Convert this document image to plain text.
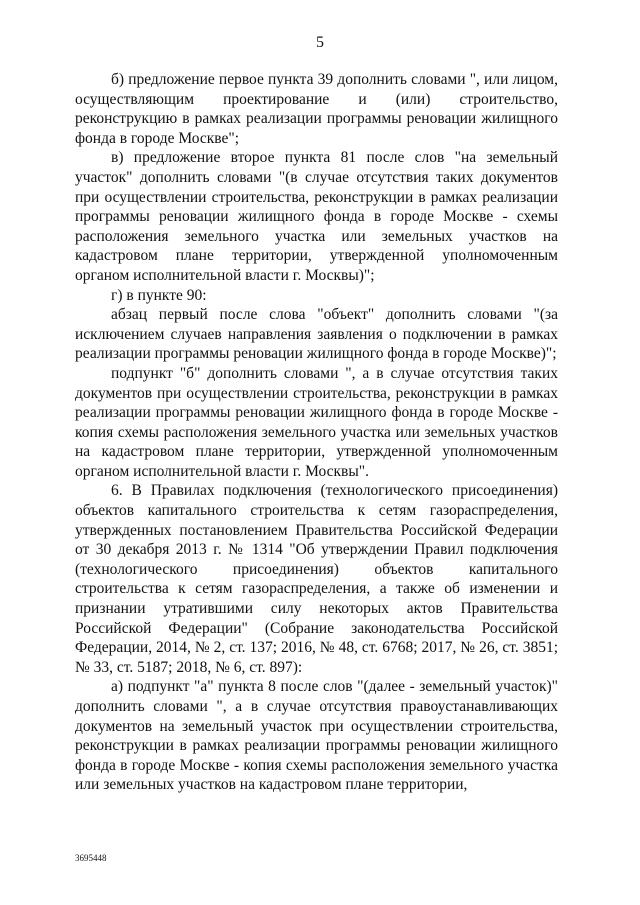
5

б) предложение первое пункта 39 дополнить словами ", или лицом, осуществляющим проектирование и (или) строительство, реконструкцию в рамках реализации программы реновации жилищного фонда в городе Москве";

в) предложение второе пункта 81 после слов "на земельный участок" дополнить словами "(в случае отсутствия таких документов при осуществлении строительства, реконструкции в рамках реализации программы реновации жилищного фонда в городе Москве - схемы расположения земельного участка или земельных участков на кадастровом плане территории, утвержденной уполномоченным органом исполнительной власти г. Москвы)";

г) в пункте 90:

абзац первый после слова "объект" дополнить словами "(за исключением случаев направления заявления о подключении в рамках реализации программы реновации жилищного фонда в городе Москве)";

подпункт "б" дополнить словами ", а в случае отсутствия таких документов при осуществлении строительства, реконструкции в рамках реализации программы реновации жилищного фонда в городе Москве - копия схемы расположения земельного участка или земельных участков на кадастровом плане территории, утвержденной уполномоченным органом исполнительной власти г. Москвы".

6. В Правилах подключения (технологического присоединения) объектов капитального строительства к сетям газораспределения, утвержденных постановлением Правительства Российской Федерации от 30 декабря 2013 г. № 1314 "Об утверждении Правил подключения (технологического присоединения) объектов капитального строительства к сетям газораспределения, а также об изменении и признании утратившими силу некоторых актов Правительства Российской Федерации" (Собрание законодательства Российской Федерации, 2014, № 2, ст. 137; 2016, № 48, ст. 6768; 2017, № 26, ст. 3851; № 33, ст. 5187; 2018, № 6, ст. 897):

а) подпункт "а" пункта 8 после слов "(далее - земельный участок)" дополнить словами ", а в случае отсутствия правоустанавливающих документов на земельный участок при осуществлении строительства, реконструкции в рамках реализации программы реновации жилищного фонда в городе Москве - копия схемы расположения земельного участка или земельных участков на кадастровом плане территории,

3695448
